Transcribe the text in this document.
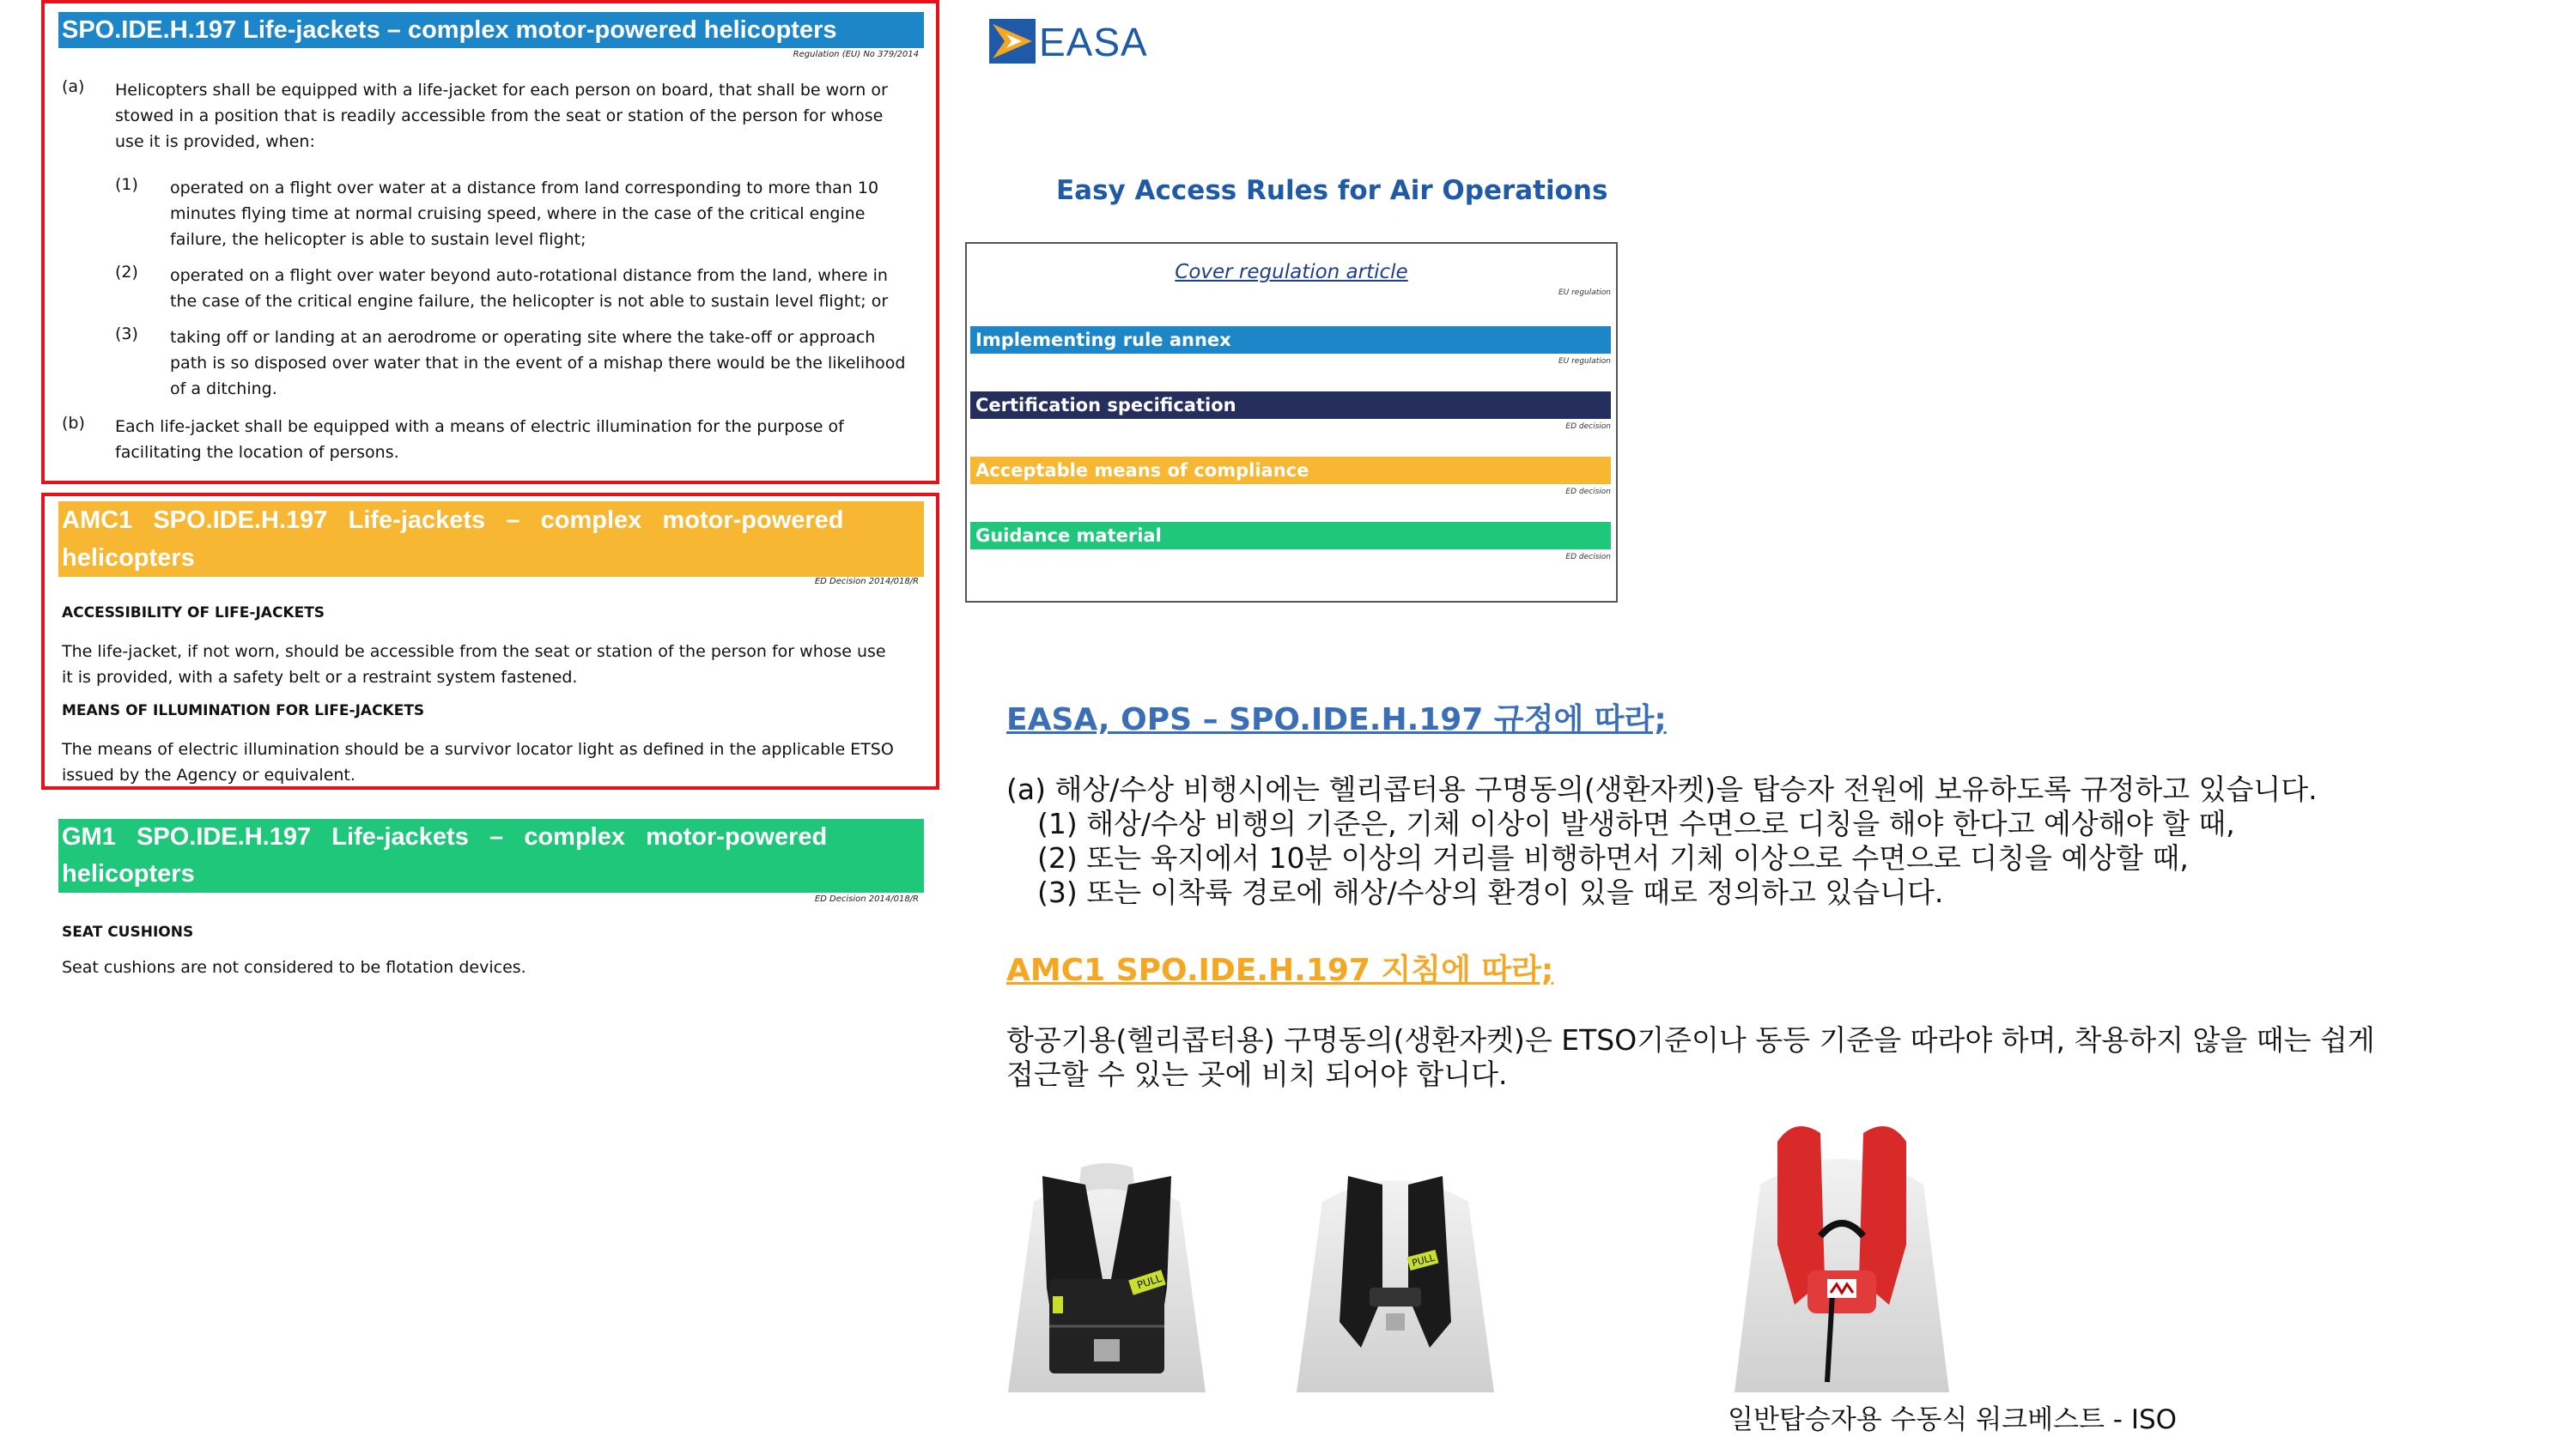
SPO.IDE.H.197 Life-jackets – complex motor-powered helicopters
Regulation (EU) No 379/2014
(a) Helicopters shall be equipped with a life-jacket for each person on board, that shall be worn or
stowed in a position that is readily accessible from the seat or station of the person for whose
use it is provided, when:
(1) operated on a flight over water at a distance from land corresponding to more than 10
minutes flying time at normal cruising speed, where in the case of the critical engine
failure, the helicopter is able to sustain level flight;
(2) operated on a flight over water beyond auto-rotational distance from the land, where in
the case of the critical engine failure, the helicopter is not able to sustain level flight; or
(3) taking off or landing at an aerodrome or operating site where the take-off or approach
path is so disposed over water that in the event of a mishap there would be the likelihood
of a ditching.
(b) Each life-jacket shall be equipped with a means of electric illumination for the purpose of
facilitating the location of persons.
AMC1   SPO.IDE.H.197   Life-jackets   –   complex   motor-powered
helicopters
ED Decision 2014/018/R
ACCESSIBILITY OF LIFE-JACKETS
The life-jacket, if not worn, should be accessible from the seat or station of the person for whose use
it is provided, with a safety belt or a restraint system fastened.
MEANS OF ILLUMINATION FOR LIFE-JACKETS
The means of electric illumination should be a survivor locator light as defined in the applicable ETSO
issued by the Agency or equivalent.
GM1   SPO.IDE.H.197   Life-jackets   –   complex   motor-powered
helicopters
ED Decision 2014/018/R
SEAT CUSHIONS
Seat cushions are not considered to be flotation devices.
EASA
Easy Access Rules for Air Operations
Cover regulation article
EU regulation
Implementing rule annex
EU regulation
Certification specification
ED decision
Acceptable means of compliance
ED decision
Guidance material
ED decision
EASA, OPS – SPO.IDE.H.197 규정에 따라;
(a) 해상/수상 비행시에는 헬리콥터용 구명동의(생환자켓)을 탑승자 전원에 보유하도록 규정하고 있습니다.
(1) 해상/수상 비행의 기준은, 기체 이상이 발생하면 수면으로 디칭을 해야 한다고 예상해야 할 때,
(2) 또는 육지에서 10분 이상의 거리를 비행하면서 기체 이상으로 수면으로 디칭을 예상할 때,
(3) 또는 이착륙 경로에 해상/수상의 환경이 있을 때로 정의하고 있습니다.
AMC1 SPO.IDE.H.197 지침에 따라;
항공기용(헬리콥터용) 구명동의(생환자켓)은 ETSO기준이나 동등 기준을 따라야 하며, 착용하지 않을 때는 쉽게
접근할 수 있는 곳에 비치 되어야 합니다.
PULL
PULL
일반탑승자용 수동식 워크베스트 - ISO
